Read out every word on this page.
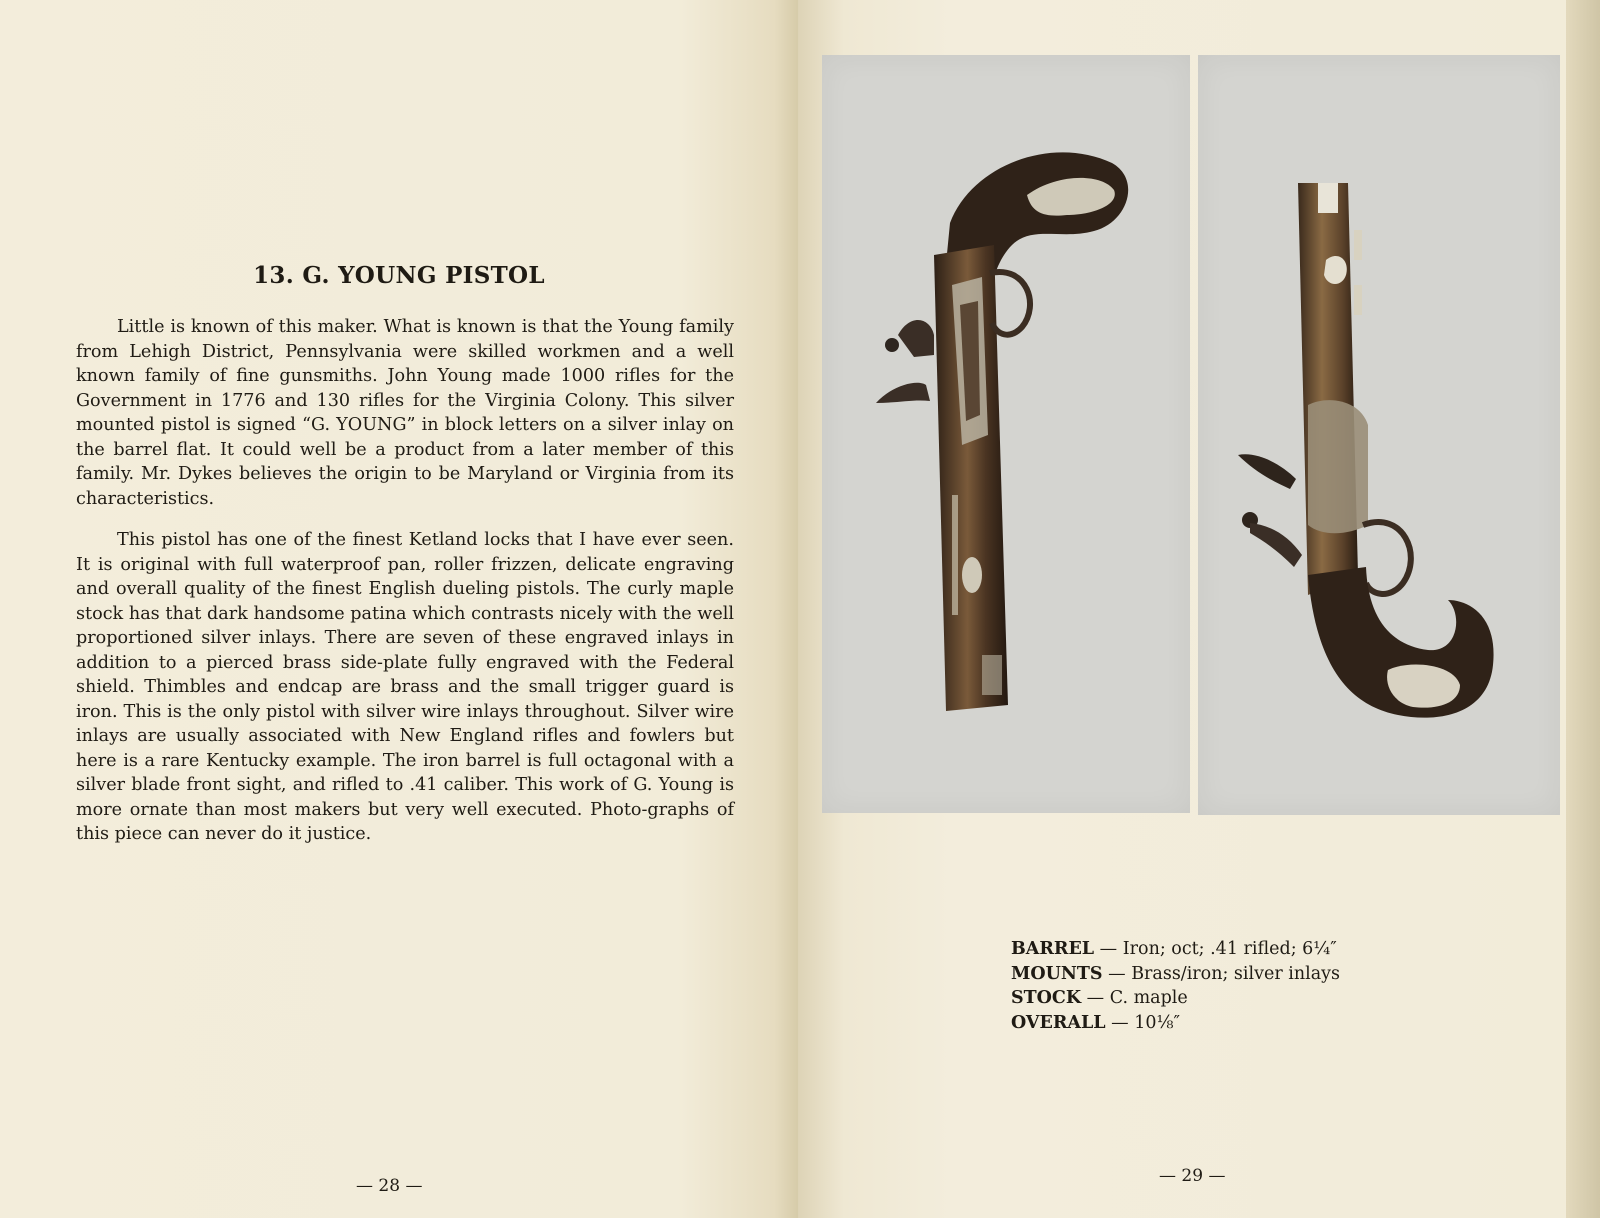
13. G. YOUNG PISTOL

Little is known of this maker. What is known is that the Young family from Lehigh District, Pennsylvania were skilled workmen and a well known family of fine gunsmiths. John Young made 1000 rifles for the Government in 1776 and 130 rifles for the Virginia Colony. This silver mounted pistol is signed “G. YOUNG” in block letters on a silver inlay on the barrel flat. It could well be a product from a later member of this family. Mr. Dykes believes the origin to be Maryland or Virginia from its characteristics.

This pistol has one of the finest Ketland locks that I have ever seen. It is original with full waterproof pan, roller frizzen, delicate engraving and overall quality of the finest English dueling pistols. The curly maple stock has that dark handsome patina which contrasts nicely with the well proportioned silver inlays. There are seven of these engraved inlays in addition to a pierced brass side-plate fully engraved with the Federal shield. Thimbles and endcap are brass and the small trigger guard is iron. This is the only pistol with silver wire inlays throughout. Silver wire inlays are usually associated with New England rifles and fowlers but here is a rare Kentucky example. The iron barrel is full octagonal with a silver blade front sight, and rifled to .41 caliber. This work of G. Young is more ornate than most makers but very well executed. Photo-graphs of this piece can never do it justice.

— 28 —
BARREL — Iron; oct; .41 rifled; 6¼″
MOUNTS — Brass/iron; silver inlays
STOCK — C. maple
OVERALL — 10⅛″
— 29 —
